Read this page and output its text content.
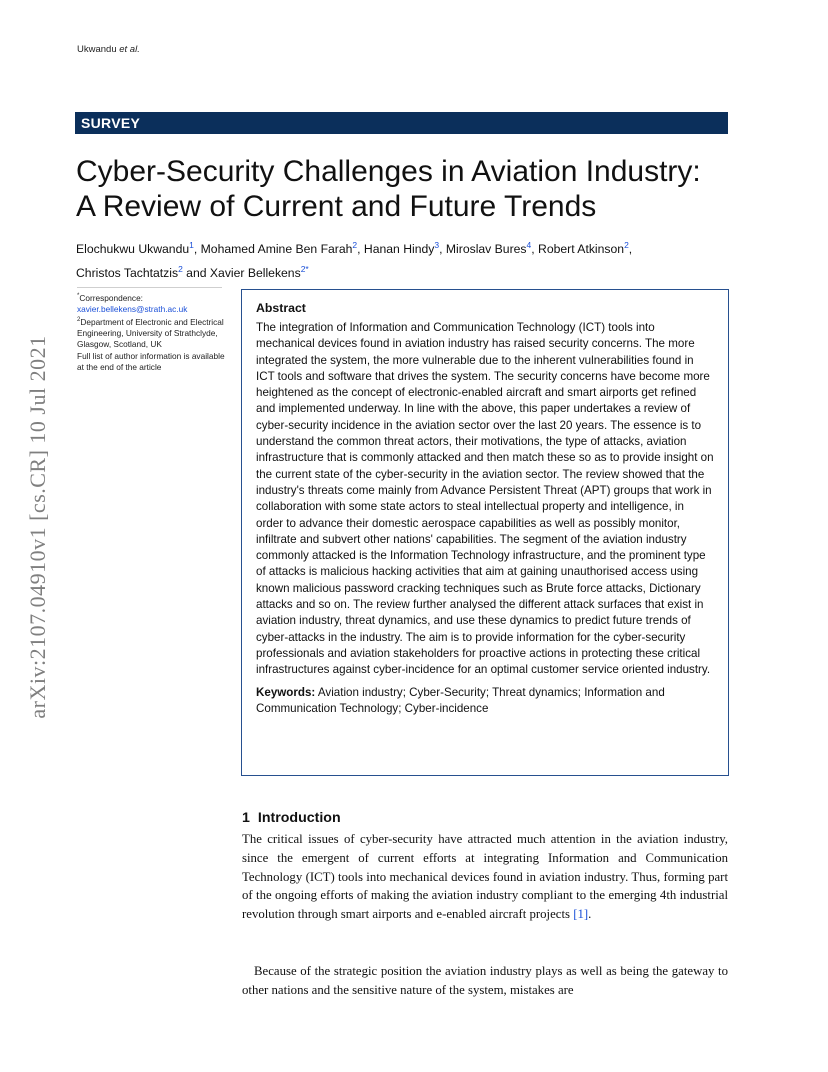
Ukwandu et al.
SURVEY
Cyber-Security Challenges in Aviation Industry:
A Review of Current and Future Trends
Elochukwu Ukwandu$^1$, Mohamed Amine Ben Farah$^2$, Hanan Hindy$^3$, Miroslav Bures$^4$, Robert Atkinson$^2$,
Christos Tachtatzis$^2$ and Xavier Bellekens$^{2*}$
*Correspondence:
xavier.bellekens@strath.ac.uk
$^2$Department of Electronic and Electrical Engineering, University of Strathclyde, Glasgow, Scotland, UK
Full list of author information is available at the end of the article
arXiv:2107.04910v1 [cs.CR] 10 Jul 2021
Abstract

The integration of Information and Communication Technology (ICT) tools into mechanical devices found in aviation industry has raised security concerns. The more integrated the system, the more vulnerable due to the inherent vulnerabilities found in ICT tools and software that drives the system. The security concerns have become more heightened as the concept of electronic-enabled aircraft and smart airports get refined and implemented underway. In line with the above, this paper undertakes a review of cyber-security incidence in the aviation sector over the last 20 years. The essence is to understand the common threat actors, their motivations, the type of attacks, aviation infrastructure that is commonly attacked and then match these so as to provide insight on the current state of the cyber-security in the aviation sector. The review showed that the industry's threats come mainly from Advance Persistent Threat (APT) groups that work in collaboration with some state actors to steal intellectual property and intelligence, in order to advance their domestic aerospace capabilities as well as possibly monitor, infiltrate and subvert other nations' capabilities. The segment of the aviation industry commonly attacked is the Information Technology infrastructure, and the prominent type of attacks is malicious hacking activities that aim at gaining unauthorised access using known malicious password cracking techniques such as Brute force attacks, Dictionary attacks and so on. The review further analysed the different attack surfaces that exist in aviation industry, threat dynamics, and use these dynamics to predict future trends of cyber-attacks in the industry. The aim is to provide information for the cyber-security professionals and aviation stakeholders for proactive actions in protecting these critical infrastructures against cyber-incidence for an optimal customer service oriented industry.

Keywords: Aviation industry; Cyber-Security; Threat dynamics; Information and Communication Technology; Cyber-incidence
1 Introduction

The critical issues of cyber-security have attracted much attention in the aviation industry, since the emergent of current efforts at integrating Information and Communication Technology (ICT) tools into mechanical devices found in aviation industry. Thus, forming part of the ongoing efforts of making the aviation industry compliant to the emerging 4th industrial revolution through smart airports and e-enabled aircraft projects [1].

Because of the strategic position the aviation industry plays as well as being the gateway to other nations and the sensitive nature of the system, mistakes are
